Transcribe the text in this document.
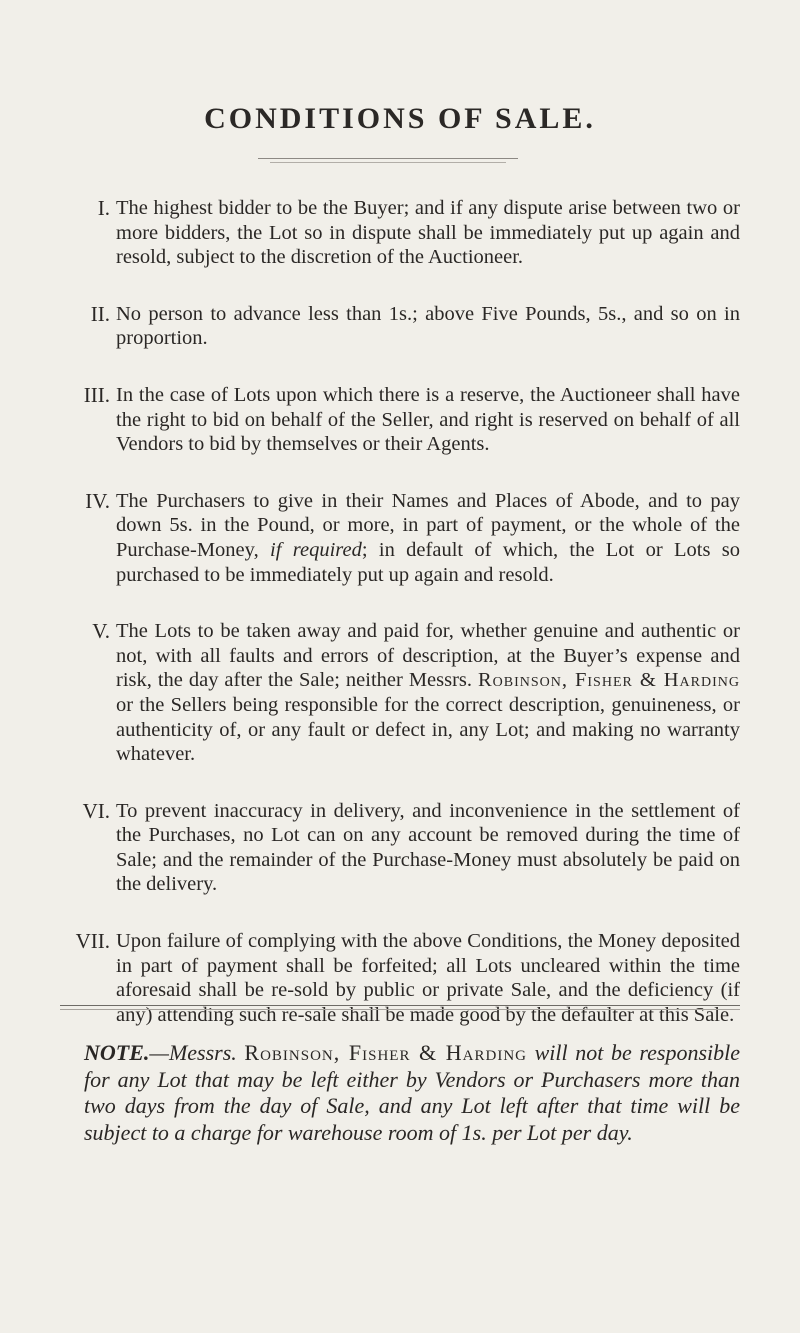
CONDITIONS OF SALE.

I. The highest bidder to be the Buyer; and if any dispute arise between two or more bidders, the Lot so in dispute shall be immediately put up again and resold, subject to the discretion of the Auctioneer.

II. No person to advance less than 1s.; above Five Pounds, 5s., and so on in proportion.

III. In the case of Lots upon which there is a reserve, the Auctioneer shall have the right to bid on behalf of the Seller, and right is reserved on behalf of all Vendors to bid by themselves or their Agents.

IV. The Purchasers to give in their Names and Places of Abode, and to pay down 5s. in the Pound, or more, in part of payment, or the whole of the Purchase-Money, if required; in default of which, the Lot or Lots so purchased to be immediately put up again and resold.

V. The Lots to be taken away and paid for, whether genuine and authentic or not, with all faults and errors of description, at the Buyer’s expense and risk, the day after the Sale; neither Messrs. Robinson, Fisher & Harding or the Sellers being responsible for the correct description, genuineness, or authenticity of, or any fault or defect in, any Lot; and making no warranty whatever.

VI. To prevent inaccuracy in delivery, and inconvenience in the settlement of the Purchases, no Lot can on any account be removed during the time of Sale; and the remainder of the Purchase-Money must absolutely be paid on the delivery.

VII. Upon failure of complying with the above Conditions, the Money deposited in part of payment shall be forfeited; all Lots uncleared within the time aforesaid shall be re-sold by public or private Sale, and the deficiency (if any) attending such re-sale shall be made good by the defaulter at this Sale.

NOTE.—Messrs. Robinson, Fisher & Harding will not be responsible for any Lot that may be left either by Vendors or Purchasers more than two days from the day of Sale, and any Lot left after that time will be subject to a charge for warehouse room of 1s. per Lot per day.
